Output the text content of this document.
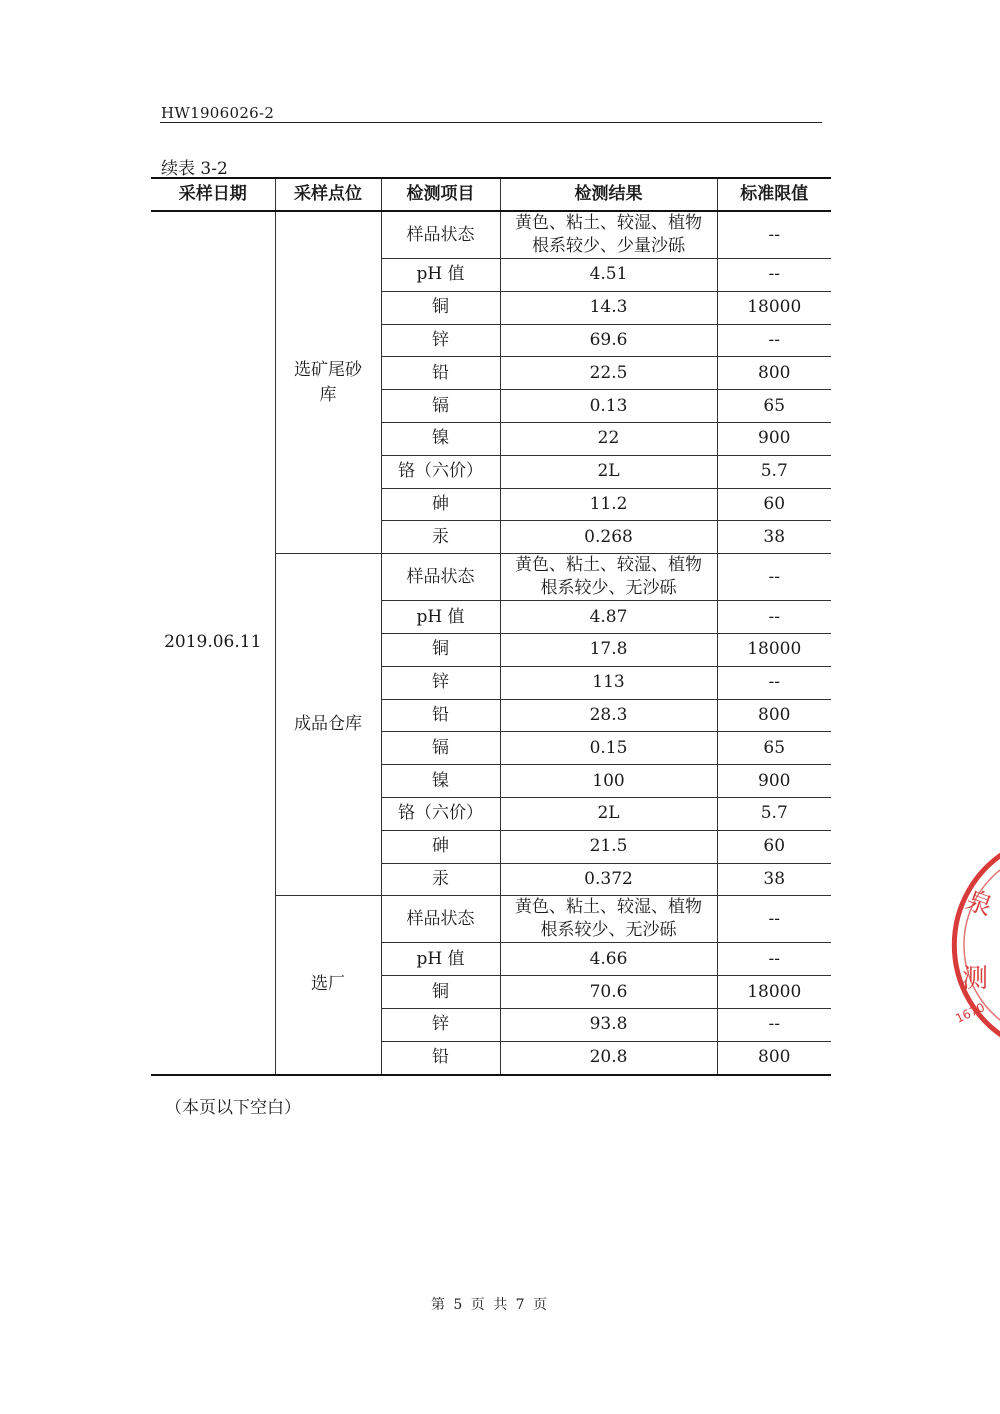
HW1906026-2
续表 3-2
采样日期	采样点位	检测项目	检测结果	标准限值
2019.06.11	选矿尾砂库	样品状态	黄色、粘土、较湿、植物根系较少、少量沙砾	--
		pH 值	4.51	--
		铜	14.3	18000
		锌	69.6	--
		铅	22.5	800
		镉	0.13	65
		镍	22	900
		铬（六价）	2L	5.7
		砷	11.2	60
		汞	0.268	38
	成品仓库	样品状态	黄色、粘土、较湿、植物根系较少、无沙砾	--
		pH 值	4.87	--
		铜	17.8	18000
		锌	113	--
		铅	28.3	800
		镉	0.15	65
		镍	100	900
		铬（六价）	2L	5.7
		砷	21.5	60
		汞	0.372	38
	选厂	样品状态	黄色、粘土、较湿、植物根系较少、无沙砾	--
		pH 值	4.66	--
		铜	70.6	18000
		锌	93.8	--
		铅	20.8	800
（本页以下空白）
第 5 页 共 7 页
泉
测
1670
